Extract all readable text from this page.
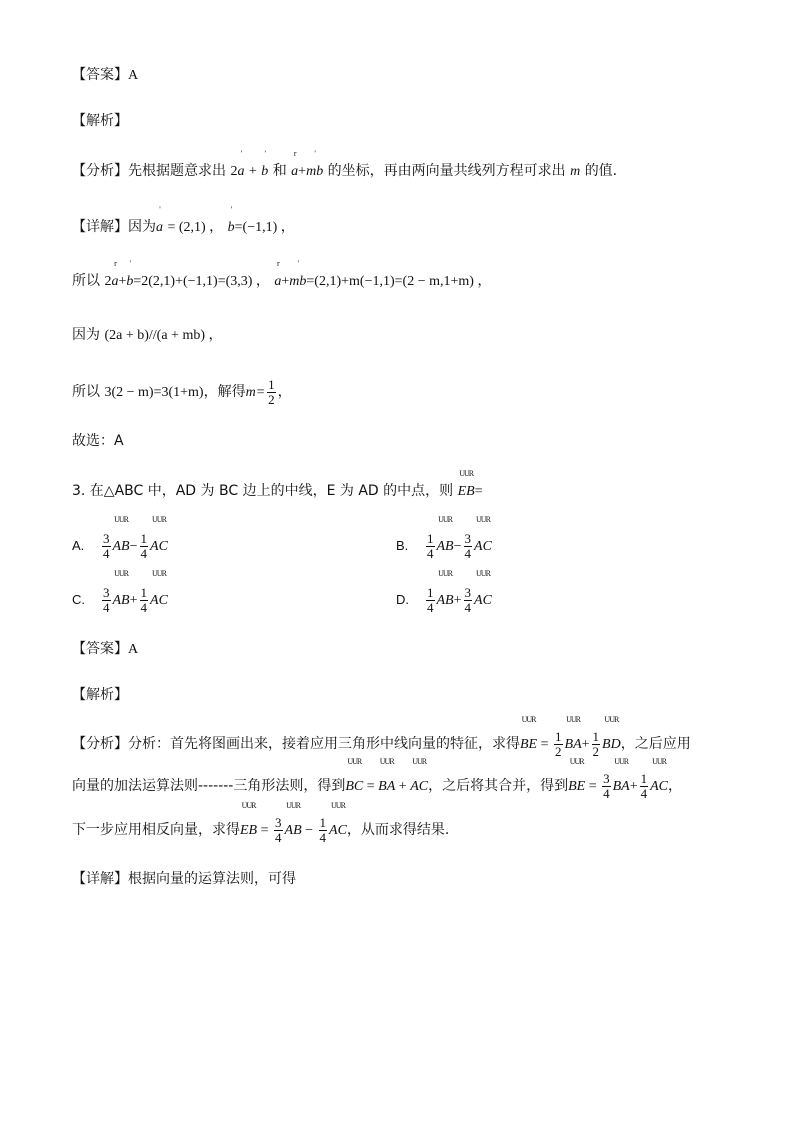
【答案】A
【解析】
【分析】先根据题意求出 2
'
a +
'
b 和
r
a+
'
mb 的坐标，再由两向量共线列方程可求出 m 的值.
【详解】因为
'
a = (2,1) ，
'
b=(−1,1) ，
所以 2
r
a+
'
b=2(2,1)+(−1,1)=(3,3) ，
r
a+
'
mb=(2,1)+m(−1,1)=(2 − m,1+m) ，
因为 (2a + b)//(a + mb) ，
所以 3(2 − m)=3(1+m)，解得$m= \frac{1}{2}$ ，
故选：A
3. 在△ABC 中，AD 为 BC 边上的中线，E 为 AD 的中点，则
UUR
EB=
A. $\frac{3}{4}$
UUR
$AB- \frac{1}{4}$
UUR
AC	B. $\frac{1}{4}$
UUR
$AB- \frac{3}{4}$
UUR
AC
C. $\frac{3}{4}$
UUR
$AB+ \frac{1}{4}$
UUR
AC	D. $\frac{1}{4}$
UUR
$AB+ \frac{3}{4}$
UUR
AC
【答案】A
【解析】
【分析】分析：首先将图画出来，接着应用三角形中线向量的特征，求得
UUR
BE = $\frac{1}{2}$
UUR
$BA+ \frac{1}{2}$
UUR
BD，之后应用
向量的加法运算法则-------三角形法则，得到
UUR
BC =
UUR
BA +
UUR
AC，之后将其合并，得到
UUR
BE = $\frac{3}{4}$
UUR
$BA+ \frac{1}{4}$
UUR
AC，
下一步应用相反向量，求得
UUR
EB = $\frac{3}{4}$
UUR
AB − $\frac{1}{4}$
UUR
AC，从而求得结果.
【详解】根据向量的运算法则，可得
